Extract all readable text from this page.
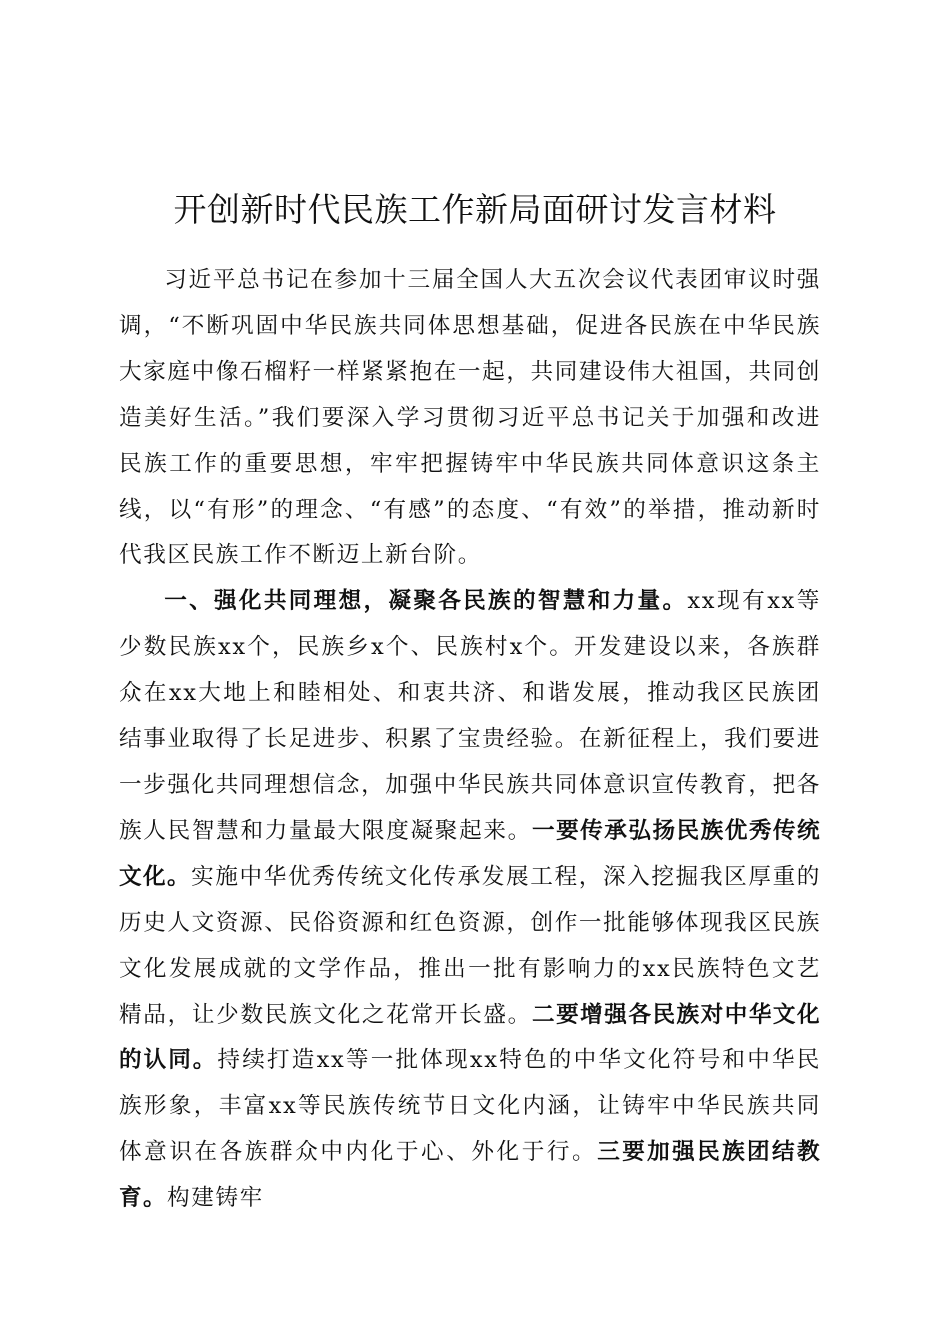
开创新时代民族工作新局面研讨发言材料

习近平总书记在参加十三届全国人大五次会议代表团审议时强调，“不断巩固中华民族共同体思想基础，促进各民族在中华民族大家庭中像石榴籽一样紧紧抱在一起，共同建设伟大祖国，共同创造美好生活。”我们要深入学习贯彻习近平总书记关于加强和改进民族工作的重要思想，牢牢把握铸牢中华民族共同体意识这条主线，以“有形”的理念、“有感”的态度、“有效”的举措，推动新时代我区民族工作不断迈上新台阶。

一、强化共同理想，凝聚各民族的智慧和力量。xx现有xx等少数民族xx个，民族乡x个、民族村x个。开发建设以来，各族群众在xx大地上和睦相处、和衷共济、和谐发展，推动我区民族团结事业取得了长足进步、积累了宝贵经验。在新征程上，我们要进一步强化共同理想信念，加强中华民族共同体意识宣传教育，把各族人民智慧和力量最大限度凝聚起来。一要传承弘扬民族优秀传统文化。实施中华优秀传统文化传承发展工程，深入挖掘我区厚重的历史人文资源、民俗资源和红色资源，创作一批能够体现我区民族文化发展成就的文学作品，推出一批有影响力的xx民族特色文艺精品，让少数民族文化之花常开长盛。二要增强各民族对中华文化的认同。持续打造xx等一批体现xx特色的中华文化符号和中华民族形象，丰富xx等民族传统节日文化内涵，让铸牢中华民族共同体意识在各族群众中内化于心、外化于行。三要加强民族团结教育。构建铸牢
